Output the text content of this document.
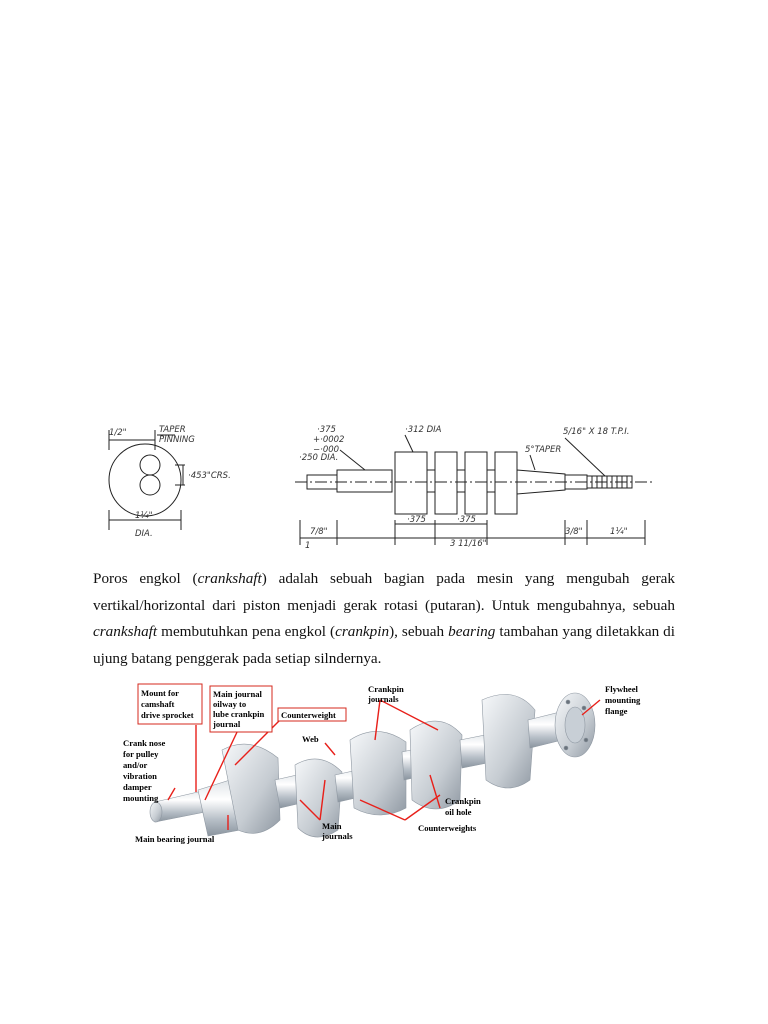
1/2"	TAPER
PINNING
·453"CRS.
1¼"
DIA.
·375
+·0002
−·000
·250 DIA.
·312 DIA	5/16" X 18 T.P.I.
5°TAPER
·375	·375
7/8"
1	3 11/16"
3/8"	1¼"
Poros engkol (crankshaft) adalah sebuah bagian pada mesin yang mengubah gerak vertikal/horizontal dari piston menjadi gerak rotasi (putaran). Untuk mengubahnya, sebuah crankshaft membutuhkan pena engkol (crankpin), sebuah bearing tambahan yang diletakkan di ujung batang penggerak pada setiap silndernya.
Mount for
camshaft
drive sprocket
Main journal
oilway to
lube crankpin
journal
Counterweight
Crankpin
journals
Flywheel
mounting
flange
Crank nose
for pulley
and/or
vibration
damper
mounting
Web
Main
journals
Crankpin
oil hole
Counterweights
Main bearing journal
